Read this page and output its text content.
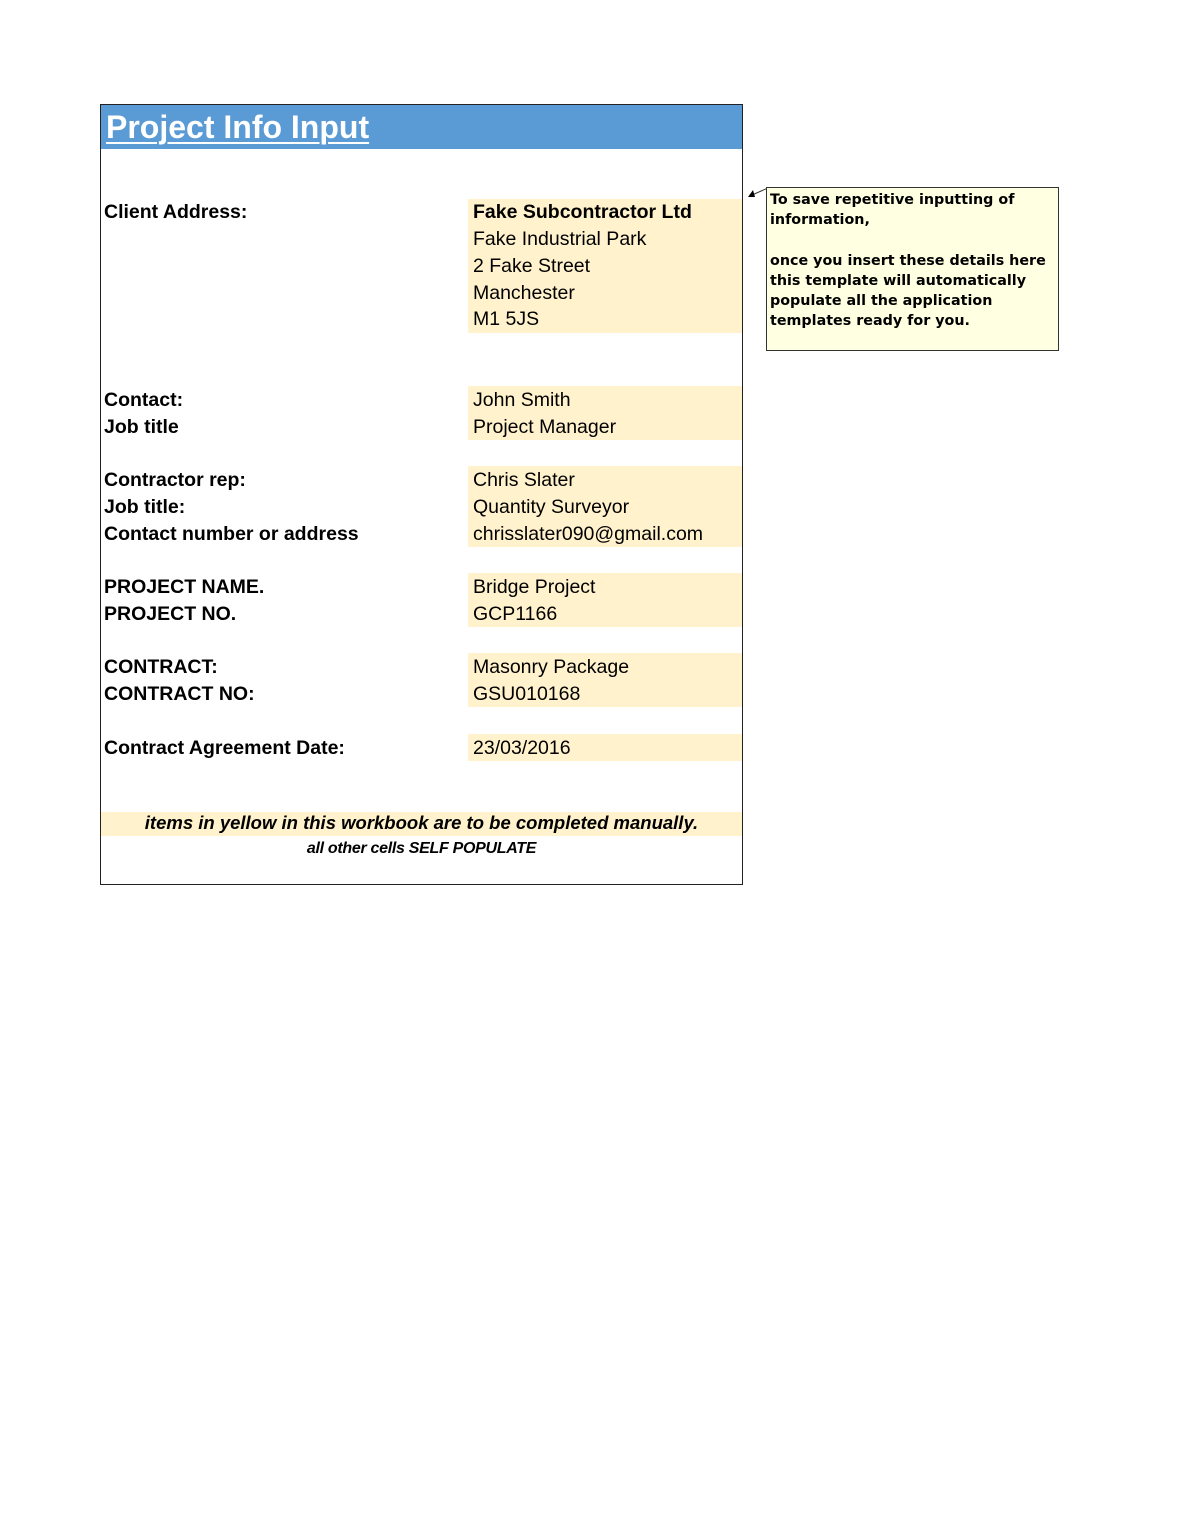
Project Info Input
Client Address:	Fake Subcontractor Ltd
Fake Industrial Park
2 Fake Street
Manchester
M1 5JS
Contact:
Job title
John Smith
Project Manager
Contractor rep:
Job title:
Contact number or address
Chris Slater
Quantity Surveyor
chrisslater090@gmail.com
PROJECT NAME.
PROJECT NO.
Bridge Project
GCP1166
CONTRACT:
CONTRACT NO:
Masonry Package
GSU010168
Contract Agreement Date:	23/03/2016
items in yellow in this workbook are to be completed manually.
all other cells SELF POPULATE

To save repetitive inputting of information,

once you insert these details here this template will automatically populate all the application templates ready for you.
